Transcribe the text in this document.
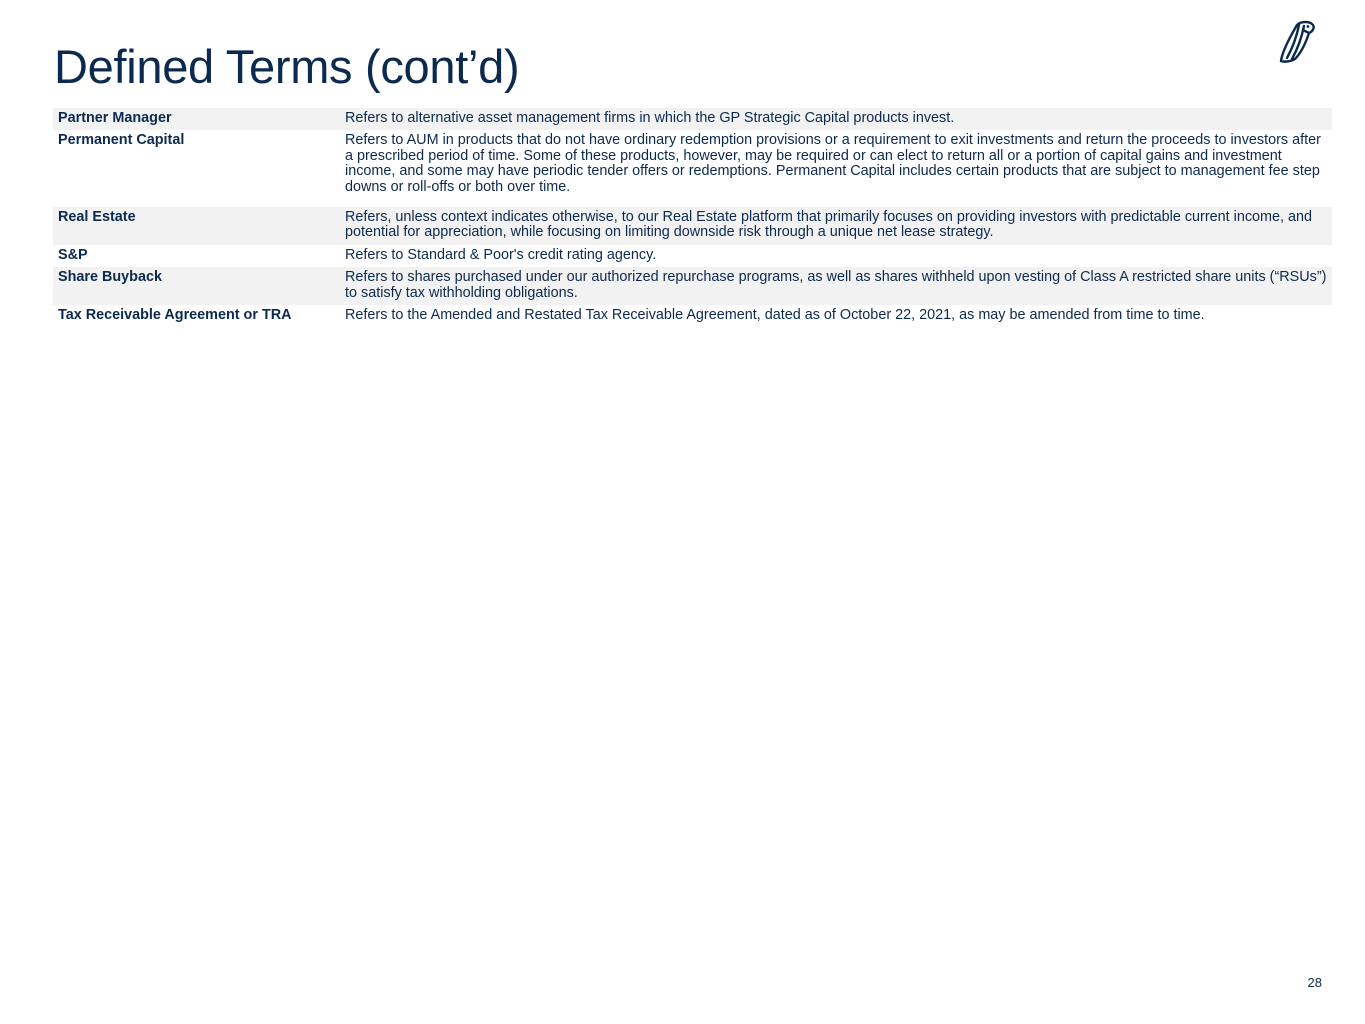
Defined Terms (cont’d)
Partner Manager	Refers to alternative asset management firms in which the GP Strategic Capital products invest.
Permanent Capital	Refers to AUM in products that do not have ordinary redemption provisions or a requirement to exit investments and return the proceeds to investors after a prescribed period of time. Some of these products, however, may be required or can elect to return all or a portion of capital gains and investment income, and some may have periodic tender offers or redemptions. Permanent Capital includes certain products that are subject to management fee step downs or roll-offs or both over time.
Real Estate	Refers, unless context indicates otherwise, to our Real Estate platform that primarily focuses on providing investors with predictable current income, and potential for appreciation, while focusing on limiting downside risk through a unique net lease strategy.
S&P	Refers to Standard & Poor's credit rating agency.
Share Buyback	Refers to shares purchased under our authorized repurchase programs, as well as shares withheld upon vesting of Class A restricted share units (“RSUs”) to satisfy tax withholding obligations.
Tax Receivable Agreement or TRA	Refers to the Amended and Restated Tax Receivable Agreement, dated as of October 22, 2021, as may be amended from time to time.
28
